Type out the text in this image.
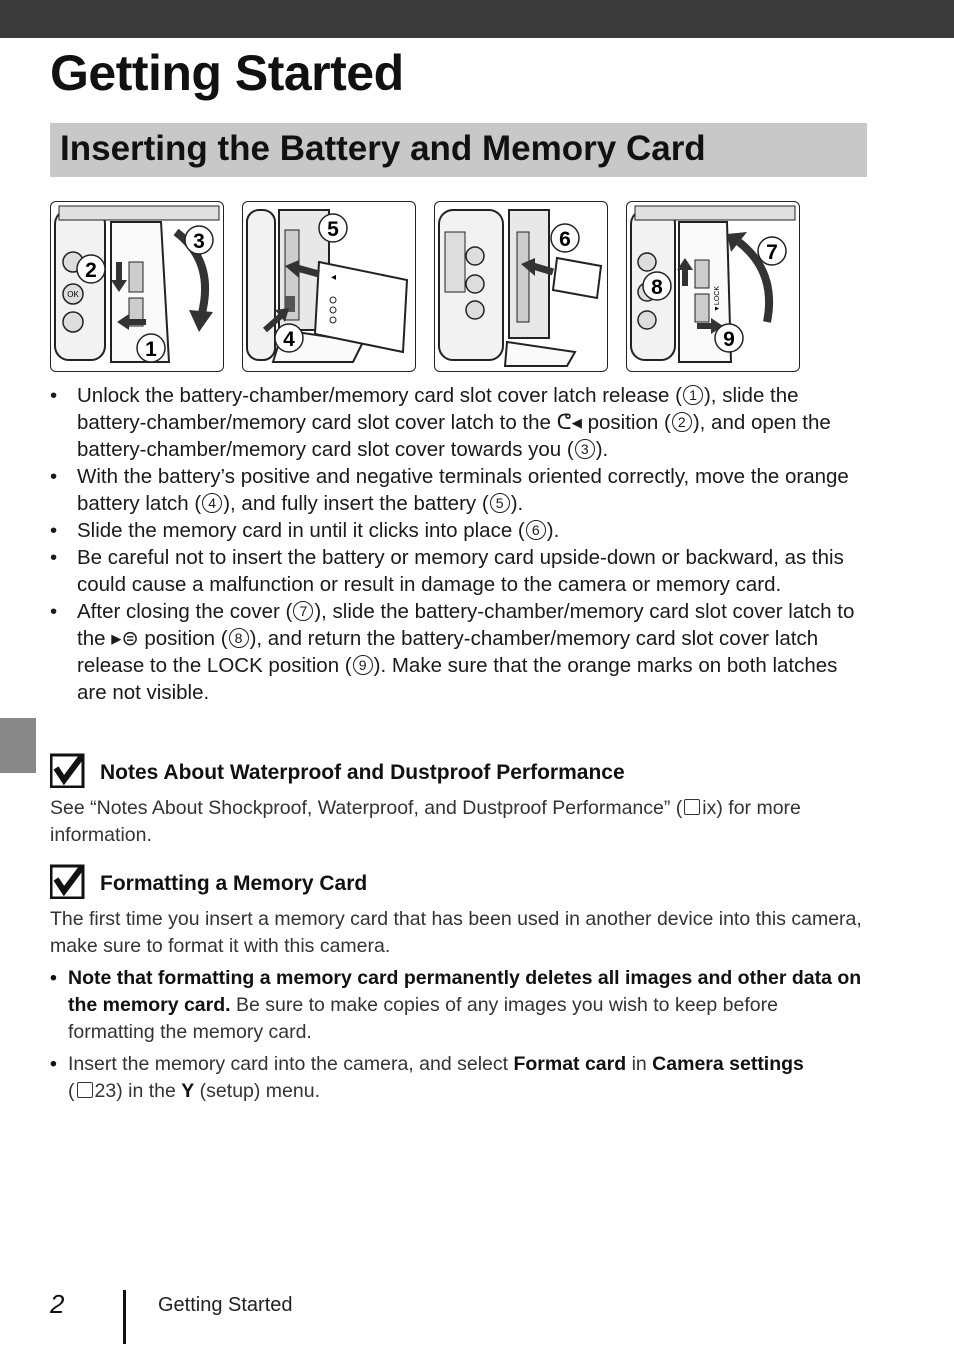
Getting Started
Inserting the Battery and Memory Card
OK
2
3
1
◂
5
4
6
▼LOCK
7
8
9
• Unlock the battery-chamber/memory card slot cover latch release ( 1 ), slide the battery-chamber/memory card slot cover latch to the ᕦ◂ position ( 2 ), and open the battery-chamber/memory card slot cover towards you ( 3 ).
• With the battery’s positive and negative terminals oriented correctly, move the orange battery latch ( 4 ), and fully insert the battery ( 5 ).
• Slide the memory card in until it clicks into place ( 6 ).
• Be careful not to insert the battery or memory card upside-down or backward, as this could cause a malfunction or result in damage to the camera or memory card.
• After closing the cover ( 7 ), slide the battery-chamber/memory card slot cover latch to the ▸⊜ position ( 8 ), and return the battery-chamber/memory card slot cover latch release to the LOCK position ( 9 ). Make sure that the orange marks on both latches are not visible.
Notes About Waterproof and Dustproof Performance

See “Notes About Shockproof, Waterproof, and Dustproof Performance” ( ix) for more information.

Formatting a Memory Card

The first time you insert a memory card that has been used in another device into this camera, make sure to format it with this camera.

• Note that formatting a memory card permanently deletes all images and other data on the memory card. Be sure to make copies of any images you wish to keep before formatting the memory card.
• Insert the memory card into the camera, and select Format card in Camera settings
( 23) in the Y (setup) menu.

2	Getting Started
